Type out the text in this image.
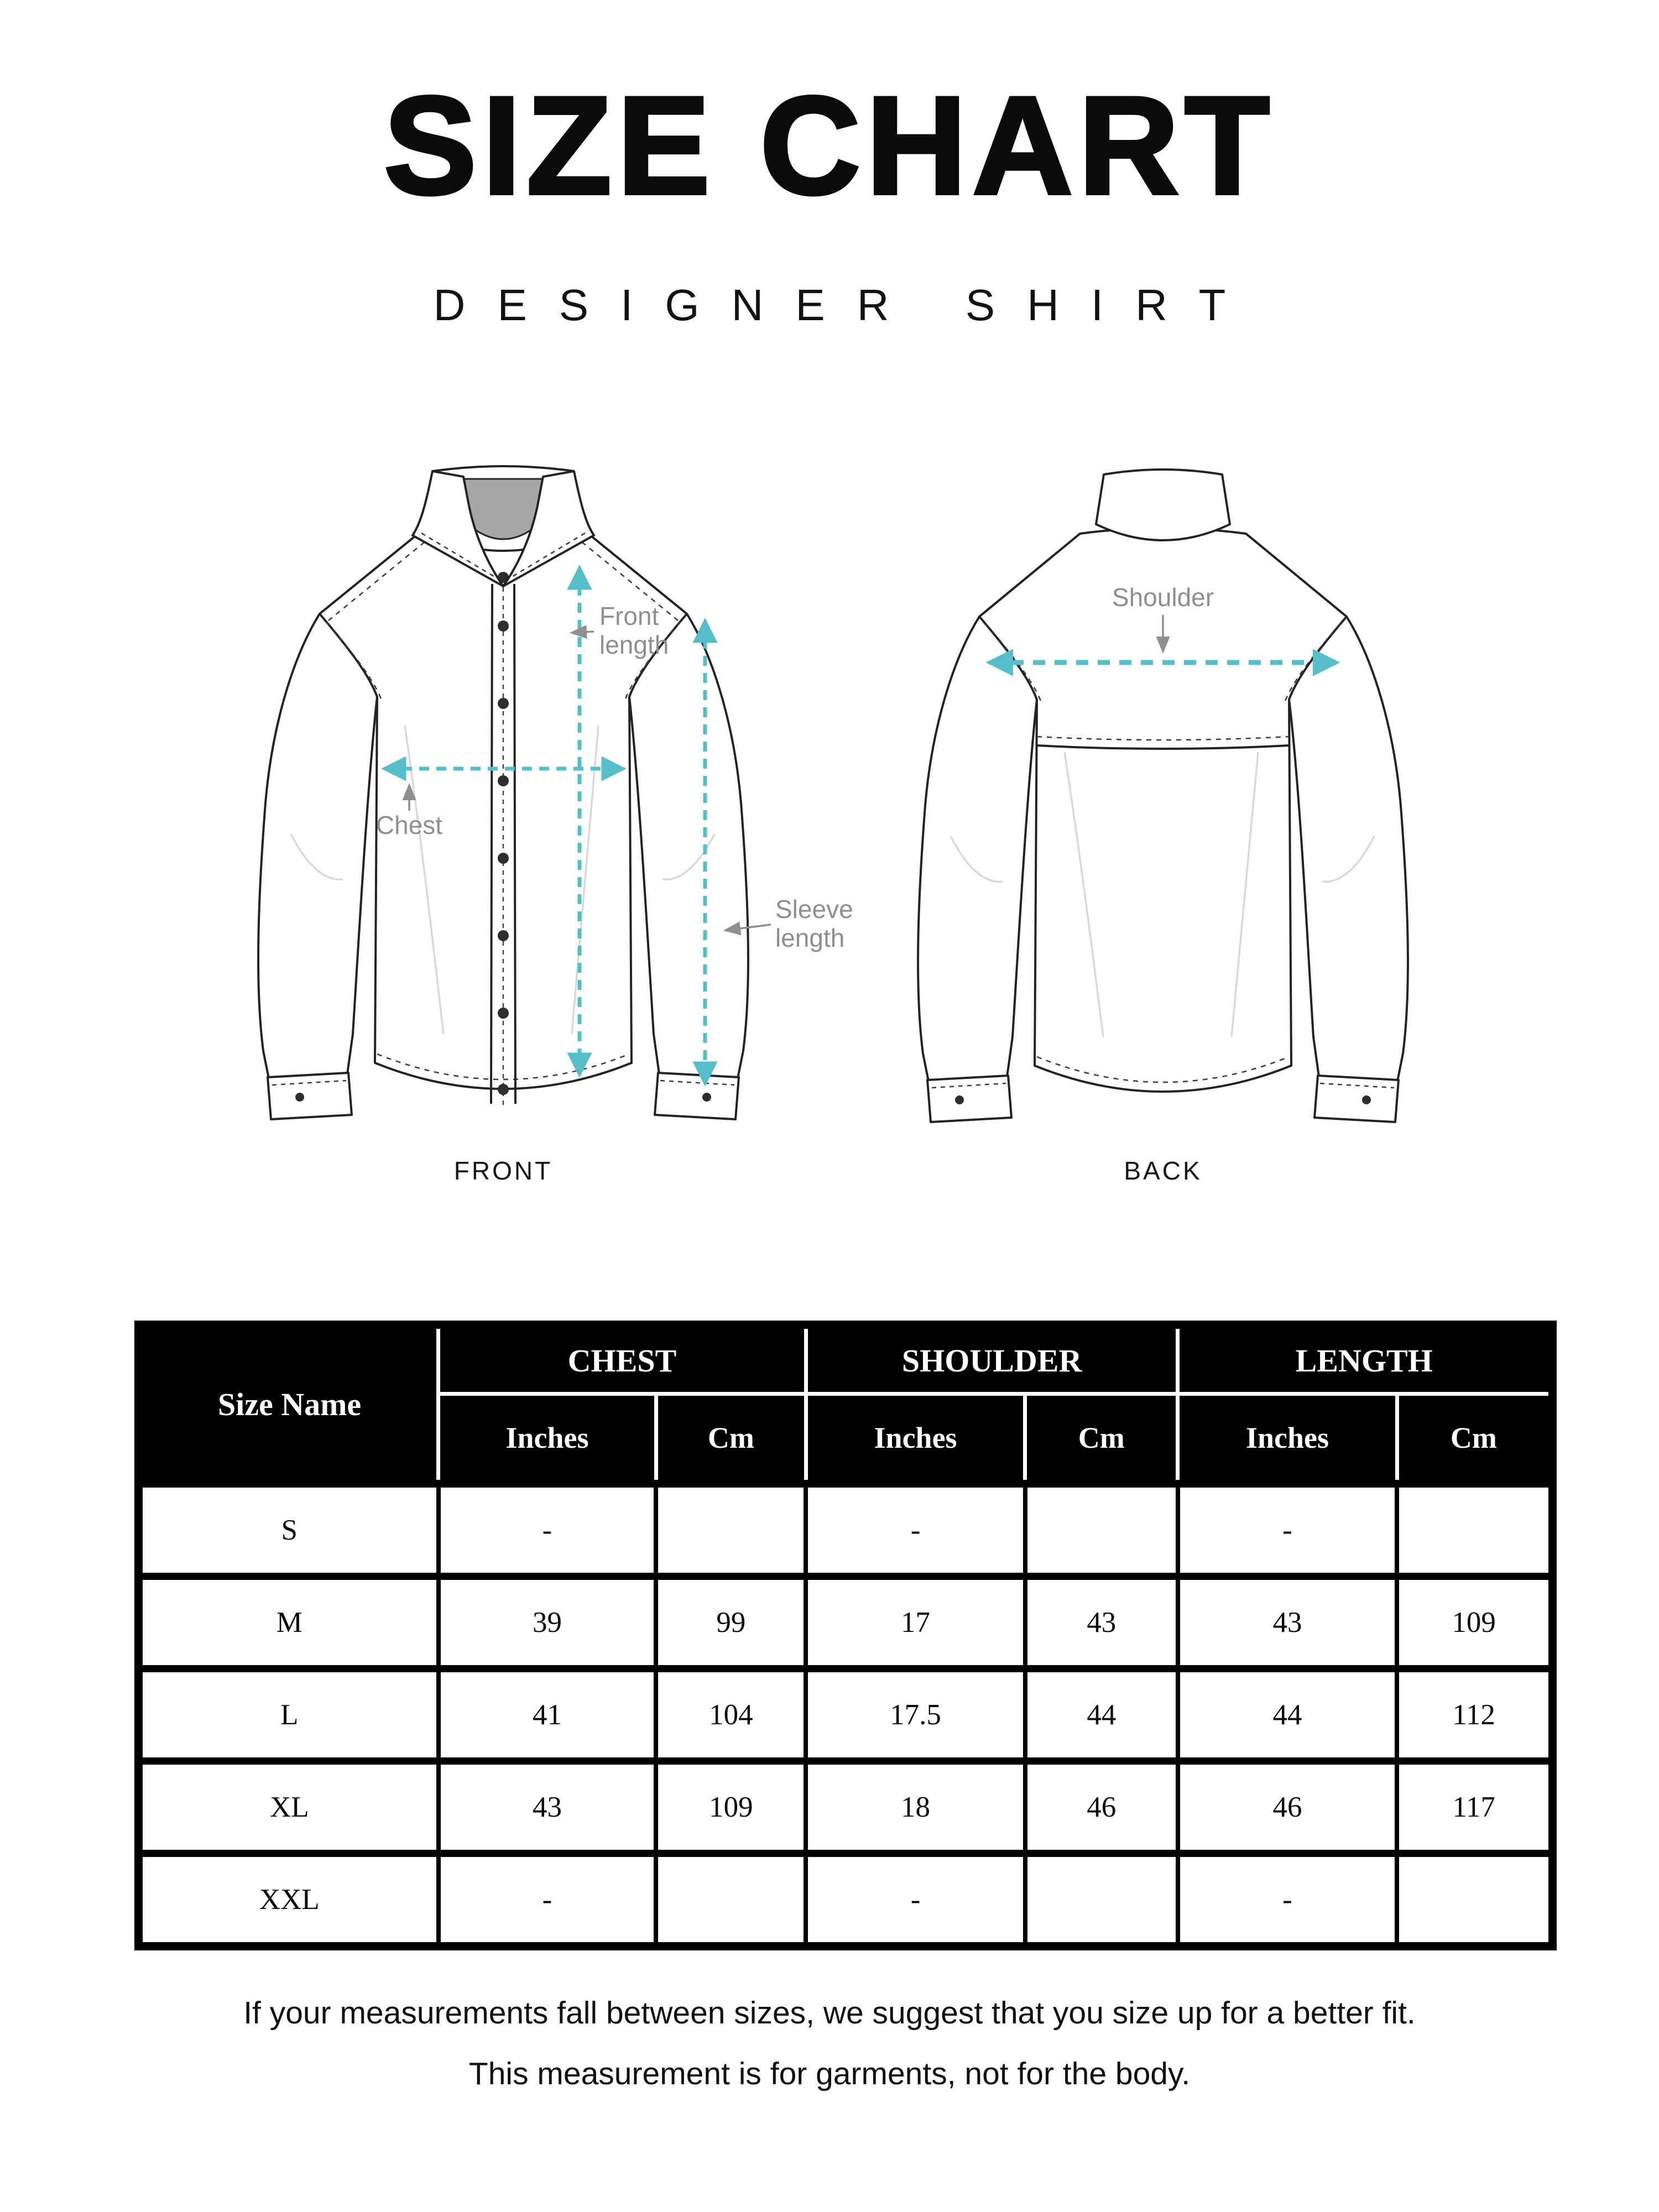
SIZE CHART
DESIGNER SHIRT
Front
length
Chest
Sleeve
length
Shoulder
FRONT	BACK
Size Name	CHEST		SHOULDER		LENGTH	
	Inches	Cm	Inches	Cm	Inches	Cm
S	-		-		-	
M	39	99	17	43	43	109
L	41	104	17.5	44	44	112
XL	43	109	18	46	46	117
XXL	-		-		-	
If your measurements fall between sizes, we suggest that you size up for a better fit.
This measurement is for garments, not for the body.
